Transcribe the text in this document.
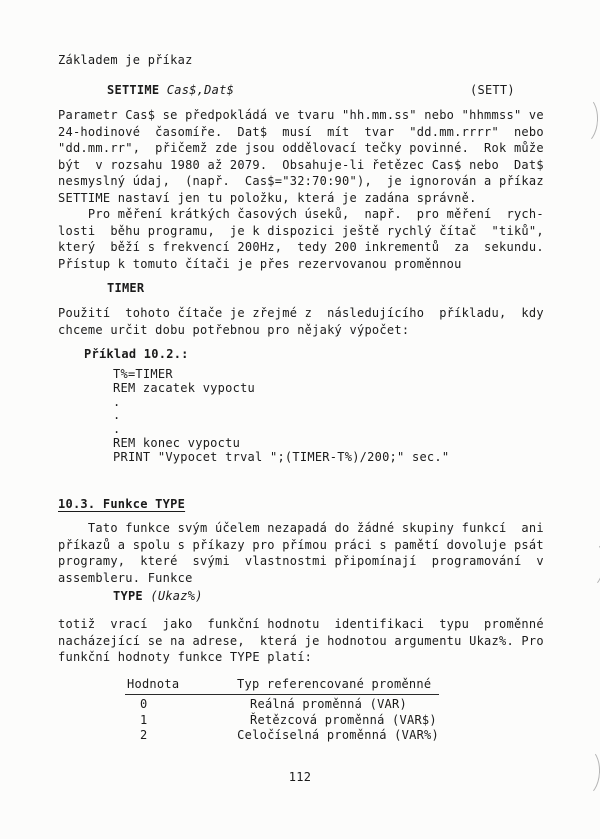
Základem je příkaz
SETTIME Cas$,Dat$	(SETT)
Parametr Cas$ se předpokládá ve tvaru "hh.mm.ss" nebo "hhmmss" ve
24-hodinové  časomíře.  Dat$  musí  mít  tvar  "dd.mm.rrrr"  nebo
"dd.mm.rr",  přičemž zde jsou oddělovací tečky povinné.  Rok může
být  v rozsahu 1980 až 2079.  Obsahuje-li řetězec Cas$ nebo  Dat$
nesmyslný údaj,  (např.  Cas$="32:70:90"),  je ignorován a příkaz
SETTIME nastaví jen tu položku, která je zadána správně.
Pro měření krátkých časových úseků,  např.  pro měření  rych-
losti  běhu programu,  je k dispozici ještě rychlý čítač  "tiků",
který  běží s frekvencí 200Hz,  tedy 200 inkrementů  za  sekundu.
Přístup k tomuto čítači je přes rezervovanou proměnnou
TIMER
Použití  tohoto čítače je zřejmé z  následujícího  příkladu,  kdy
chceme určit dobu potřebnou pro nějaký výpočet:
Příklad 10.2.:
T%=TIMER
REM zacatek vypoctu
.
.
.
REM konec vypoctu
PRINT "Vypocet trval ";(TIMER-T%)/200;" sec."
10.3. Funkce TYPE
Tato funkce svým účelem nezapadá do žádné skupiny funkcí  ani
příkazů a spolu s příkazy pro přímou práci s pamětí dovoluje psát
programy,  které  svými  vlastnostmi připomínají  programování  v
assembleru. Funkce
TYPE (Ukaz%)
totiž  vrací  jako  funkční hodnotu  identifikaci  typu  proměnné
nacházející se na adrese,  která je hodnotou argumentu Ukaz%. Pro
funkční hodnoty funkce TYPE platí:
Hodnota	Typ referencované proměnné
0	Reálná proměnná (VAR)
1	Řetězcová proměnná (VAR$)
2	Celočíselná proměnná (VAR%)
112
